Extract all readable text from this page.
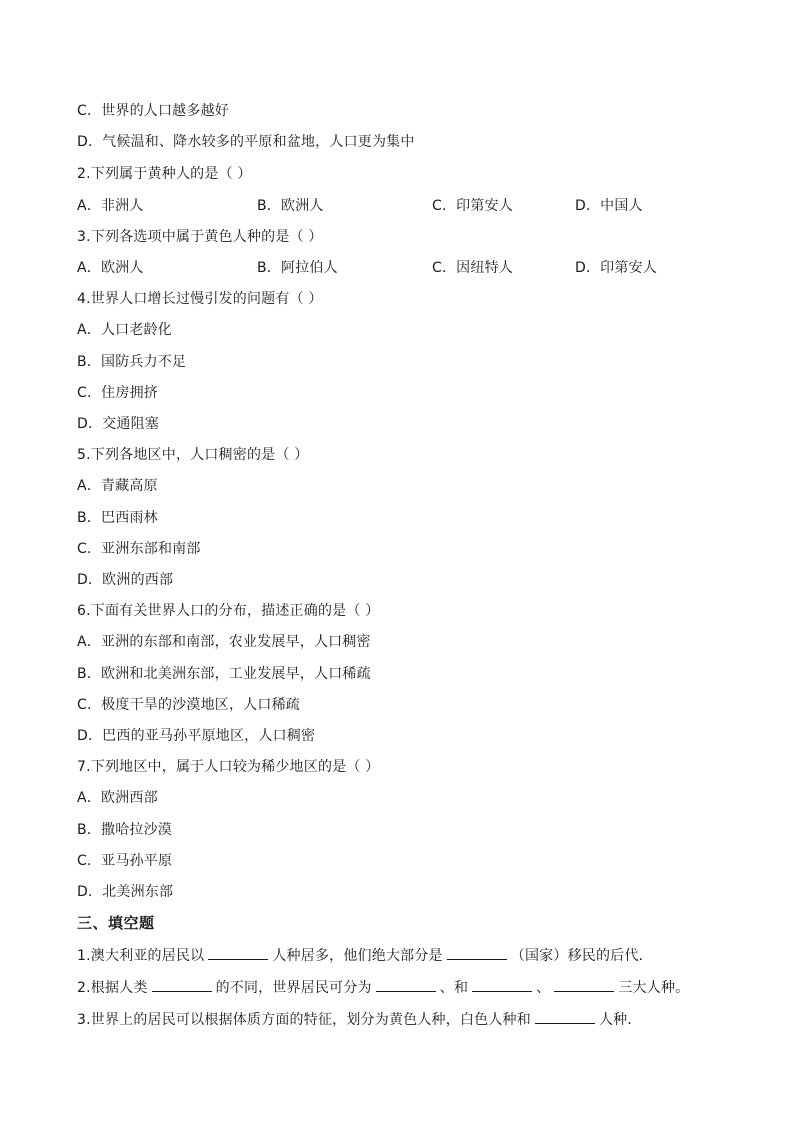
C．世界的人口越多越好
D．气候温和、降水较多的平原和盆地，人口更为集中
2.下列属于黄种人的是（ ）
A．非洲人	B．欧洲人	C．印第安人	D．中国人
3.下列各选项中属于黄色人种的是（ ）
A．欧洲人	B．阿拉伯人	C．因纽特人	D．印第安人
4.世界人口增长过慢引发的问题有（ ）
A．人口老龄化
B．国防兵力不足
C．住房拥挤
D．交通阻塞
5.下列各地区中，人口稠密的是（ ）
A．青藏高原
B．巴西雨林
C．亚洲东部和南部
D．欧洲的西部
6.下面有关世界人口的分布，描述正确的是（ ）
A．亚洲的东部和南部，农业发展早，人口稠密
B．欧洲和北美洲东部，工业发展早，人口稀疏
C．极度干旱的沙漠地区，人口稀疏
D．巴西的亚马孙平原地区，人口稠密
7.下列地区中，属于人口较为稀少地区的是（ ）
A．欧洲西部
B．撒哈拉沙漠
C．亚马孙平原
D．北美洲东部
三、填空题
1.澳大利亚的居民以	人种居多，他们绝大部分是	（国家）移民的后代．
2.根据人类	的不同，世界居民可分为	、和	、	三大人种。
3.世界上的居民可以根据体质方面的特征，划分为黄色人种，白色人种和	人种．
